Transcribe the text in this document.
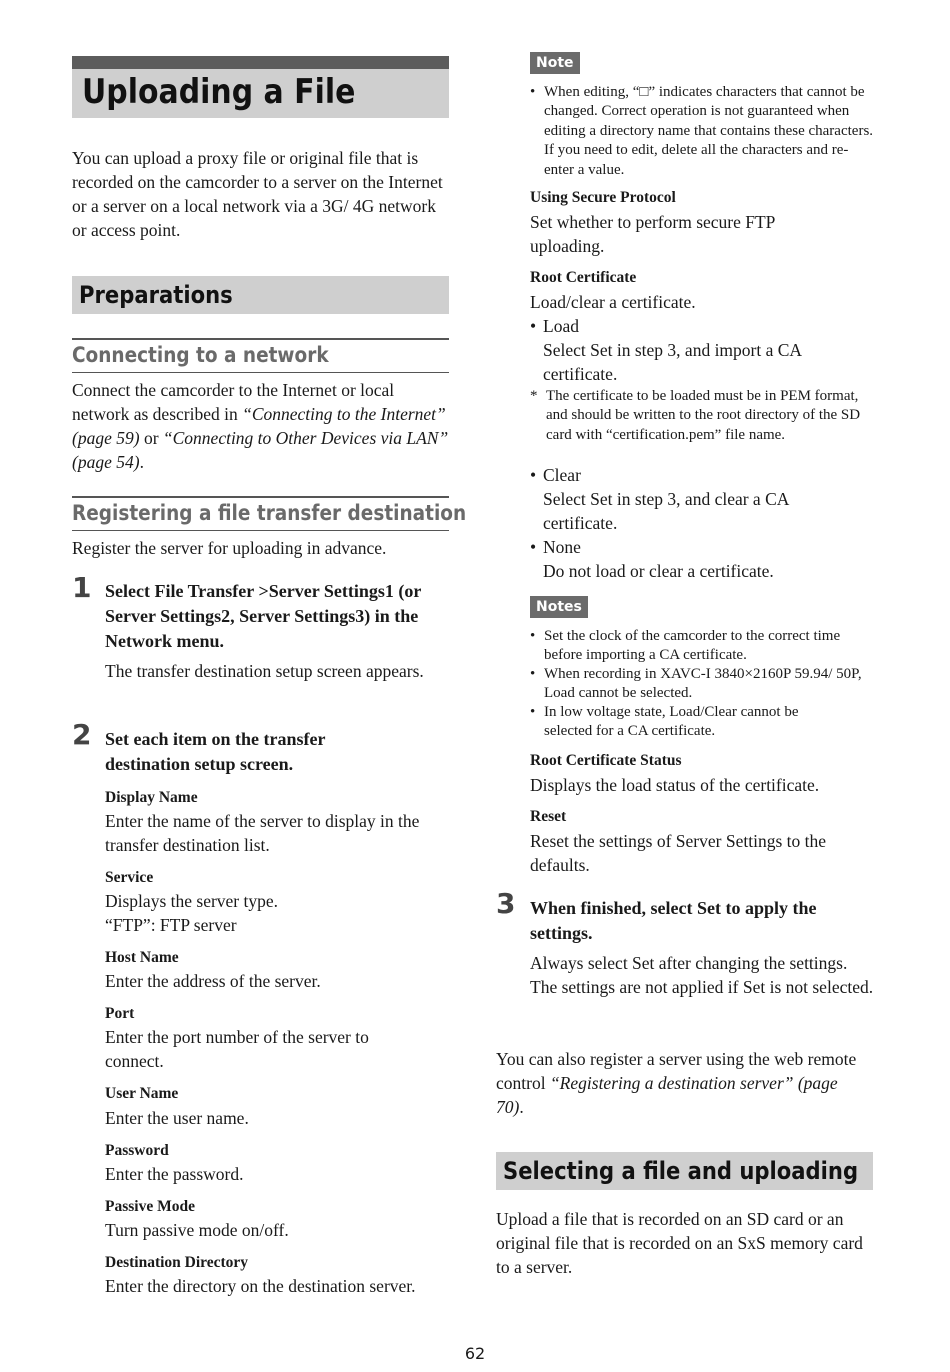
Uploading a File
You can upload a proxy file or original file that is recorded on the camcorder to a server on the Internet or a server on a local network via a 3G/ 4G network or access point.
Preparations
Connecting to a network
Connect the camcorder to the Internet or local network as described in “Connecting to the Internet” (page 59) or “Connecting to Other Devices via LAN” (page 54).
Registering a file transfer destination
Register the server for uploading in advance.
1 Select File Transfer >Server Settings1 (or Server Settings2, Server Settings3) in the Network menu.
The transfer destination setup screen appears.
2 Set each item on the transfer destination setup screen.
Display Name
Enter the name of the server to display in the transfer destination list.
Service
Displays the server type.
“FTP”: FTP server
Host Name
Enter the address of the server.
Port
Enter the port number of the server to connect.
User Name
Enter the user name.
Password
Enter the password.
Passive Mode
Turn passive mode on/off.
Destination Directory
Enter the directory on the destination server.
Note
• When editing, “□” indicates characters that cannot be changed. Correct operation is not guaranteed when editing a directory name that contains these characters. If you need to edit, delete all the characters and re-enter a value.
Using Secure Protocol
Set whether to perform secure FTP uploading.
Root Certificate
Load/clear a certificate.
• Load
Select Set in step 3, and import a CA certificate.
* The certificate to be loaded must be in PEM format, and should be written to the root directory of the SD card with “certification.pem” file name.
• Clear
Select Set in step 3, and clear a CA certificate.
• None
Do not load or clear a certificate.
Notes
• Set the clock of the camcorder to the correct time before importing a CA certificate.
• When recording in XAVC-I 3840×2160P 59.94/ 50P, Load cannot be selected.
• In low voltage state, Load/Clear cannot be selected for a CA certificate.
Root Certificate Status
Displays the load status of the certificate.
Reset
Reset the settings of Server Settings to the defaults.
3 When finished, select Set to apply the settings.
Always select Set after changing the settings. The settings are not applied if Set is not selected.
You can also register a server using the web remote control “Registering a destination server” (page 70).
Selecting a file and uploading
Upload a file that is recorded on an SD card or an original file that is recorded on an SxS memory card to a server.
62
